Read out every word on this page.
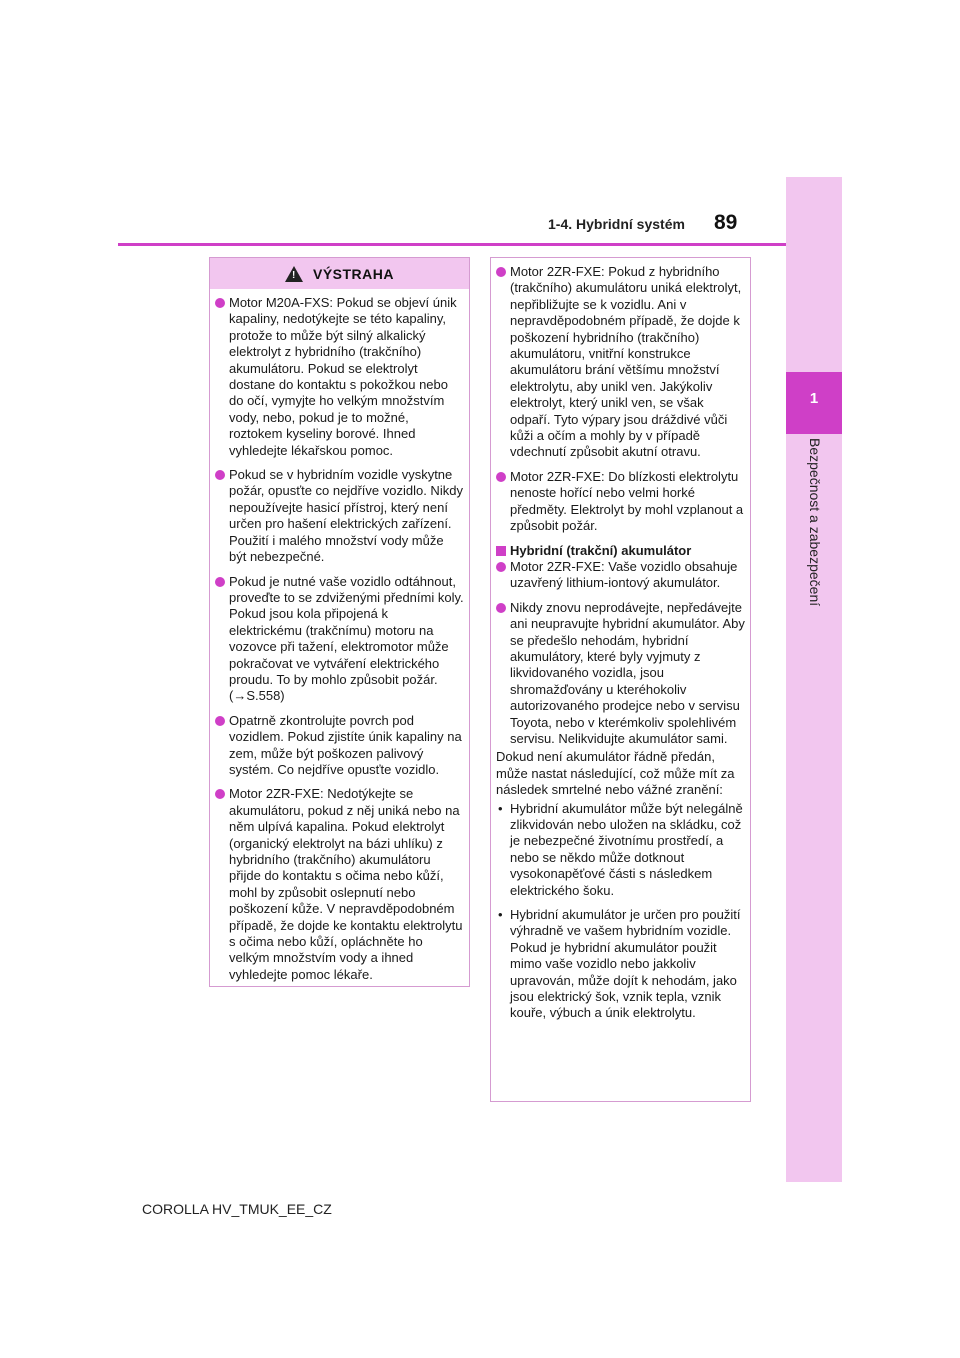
1
Bezpečnost a zabezpečení
1-4. Hybridní systém 89
! VÝSTRAHA
Motor M20A-FXS: Pokud se objeví únik kapaliny, nedotýkejte se této kapaliny, protože to může být silný alkalický elektrolyt z hybridního (trakčního) akumulátoru. Pokud se elektrolyt dostane do kontaktu s pokožkou nebo do očí, vymyjte ho velkým množstvím vody, nebo, pokud je to možné, roztokem kyseliny borové. Ihned vyhledejte lékařskou pomoc.
Pokud se v hybridním vozidle vyskytne požár, opusťte co nejdříve vozidlo. Nikdy nepoužívejte hasicí přístroj, který není určen pro hašení elektrických zařízení. Použití i malého množství vody může být nebezpečné.
Pokud je nutné vaše vozidlo odtáhnout, proveďte to se zdviženými předními koly. Pokud jsou kola připojená k elektrickému (trakčnímu) motoru na vozovce při tažení, elektromotor může pokračovat ve vytváření elektrického proudu. To by mohlo způsobit požár. (→S.558)
Opatrně zkontrolujte povrch pod vozidlem. Pokud zjistíte únik kapaliny na zem, může být poškozen palivový systém. Co nejdříve opusťte vozidlo.
Motor 2ZR-FXE: Nedotýkejte se akumulátoru, pokud z něj uniká nebo na něm ulpívá kapalina. Pokud elektrolyt (organický elektrolyt na bázi uhlíku) z hybridního (trakčního) akumulátoru přijde do kontaktu s očima nebo kůží, mohl by způsobit oslepnutí nebo poškození kůže. V nepravděpodobném případě, že dojde ke kontaktu elektrolytu s očima nebo kůží, opláchněte ho velkým množstvím vody a ihned vyhledejte pomoc lékaře.
Motor 2ZR-FXE: Pokud z hybridního (trakčního) akumulátoru uniká elektrolyt, nepřibližujte se k vozidlu. Ani v nepravděpodobném případě, že dojde k poškození hybridního (trakčního) akumulátoru, vnitřní konstrukce akumulátoru brání většímu množství elektrolytu, aby unikl ven. Jakýkoliv elektrolyt, který unikl ven, se však odpaří. Tyto výpary jsou dráždivé vůči kůži a očím a mohly by v případě vdechnutí způsobit akutní otravu.
Motor 2ZR-FXE: Do blízkosti elektrolytu nenoste hořící nebo velmi horké předměty. Elektrolyt by mohl vzplanout a způsobit požár.
Hybridní (trakční) akumulátor
Motor 2ZR-FXE: Vaše vozidlo obsahuje uzavřený lithium-iontový akumulátor.
Nikdy znovu neprodávejte, nepředávejte ani neupravujte hybridní akumulátor. Aby se předešlo nehodám, hybridní akumulátory, které byly vyjmuty z likvidovaného vozidla, jsou shromažďovány u kteréhokoliv autorizovaného prodejce nebo v servisu Toyota, nebo v kterémkoliv spolehlivém servisu. Nelikvidujte akumulátor sami.
Dokud není akumulátor řádně předán, může nastat následující, což může mít za následek smrtelné nebo vážné zranění:
• Hybridní akumulátor může být nelegálně zlikvidován nebo uložen na skládku, což je nebezpečné životnímu prostředí, a nebo se někdo může dotknout vysokonapěťové části s následkem elektrického šoku.
• Hybridní akumulátor je určen pro použití výhradně ve vašem hybridním vozidle. Pokud je hybridní akumulátor použit mimo vaše vozidlo nebo jakkoliv upravován, může dojít k nehodám, jako jsou elektrický šok, vznik tepla, vznik kouře, výbuch a únik elektrolytu.
COROLLA HV_TMUK_EE_CZ
